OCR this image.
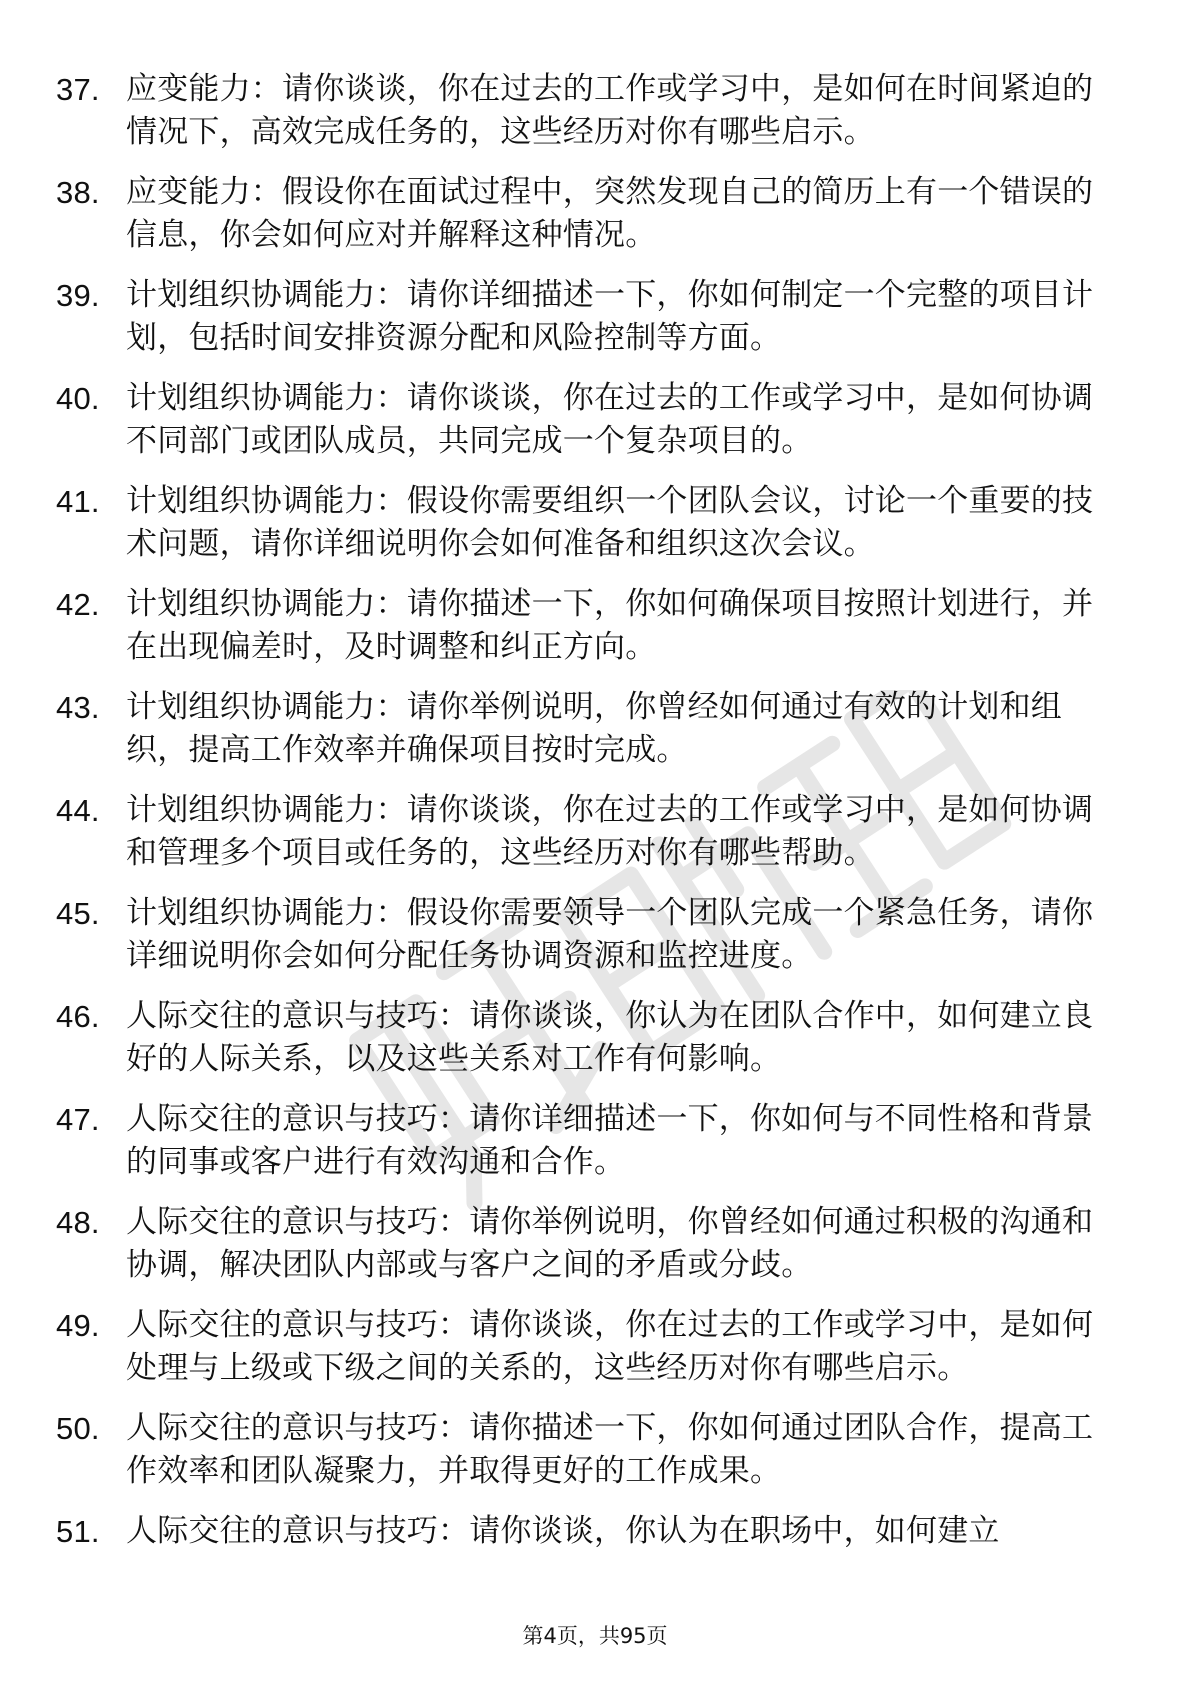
37. 应变能力：请你谈谈，你在过去的工作或学习中，是如何在时间紧迫的情况下，高效完成任务的，这些经历对你有哪些启示。
38. 应变能力：假设你在面试过程中，突然发现自己的简历上有一个错误的信息，你会如何应对并解释这种情况。
39. 计划组织协调能力：请你详细描述一下，你如何制定一个完整的项目计划，包括时间安排资源分配和风险控制等方面。
40. 计划组织协调能力：请你谈谈，你在过去的工作或学习中，是如何协调不同部门或团队成员，共同完成一个复杂项目的。
41. 计划组织协调能力：假设你需要组织一个团队会议，讨论一个重要的技术问题，请你详细说明你会如何准备和组织这次会议。
42. 计划组织协调能力：请你描述一下，你如何确保项目按照计划进行，并在出现偏差时，及时调整和纠正方向。
43. 计划组织协调能力：请你举例说明，你曾经如何通过有效的计划和组织，提高工作效率并确保项目按时完成。
44. 计划组织协调能力：请你谈谈，你在过去的工作或学习中，是如何协调和管理多个项目或任务的，这些经历对你有哪些帮助。
45. 计划组织协调能力：假设你需要领导一个团队完成一个紧急任务，请你详细说明你会如何分配任务协调资源和监控进度。
46. 人际交往的意识与技巧：请你谈谈，你认为在团队合作中，如何建立良好的人际关系，以及这些关系对工作有何影响。
47. 人际交往的意识与技巧：请你详细描述一下，你如何与不同性格和背景的同事或客户进行有效沟通和合作。
48. 人际交往的意识与技巧：请你举例说明，你曾经如何通过积极的沟通和协调，解决团队内部或与客户之间的矛盾或分歧。
49. 人际交往的意识与技巧：请你谈谈，你在过去的工作或学习中，是如何处理与上级或下级之间的关系的，这些经历对你有哪些启示。
50. 人际交往的意识与技巧：请你描述一下，你如何通过团队合作，提高工作效率和团队凝聚力，并取得更好的工作成果。
51. 人际交往的意识与技巧：请你谈谈，你认为在职场中，如何建立
第4页，共95页
